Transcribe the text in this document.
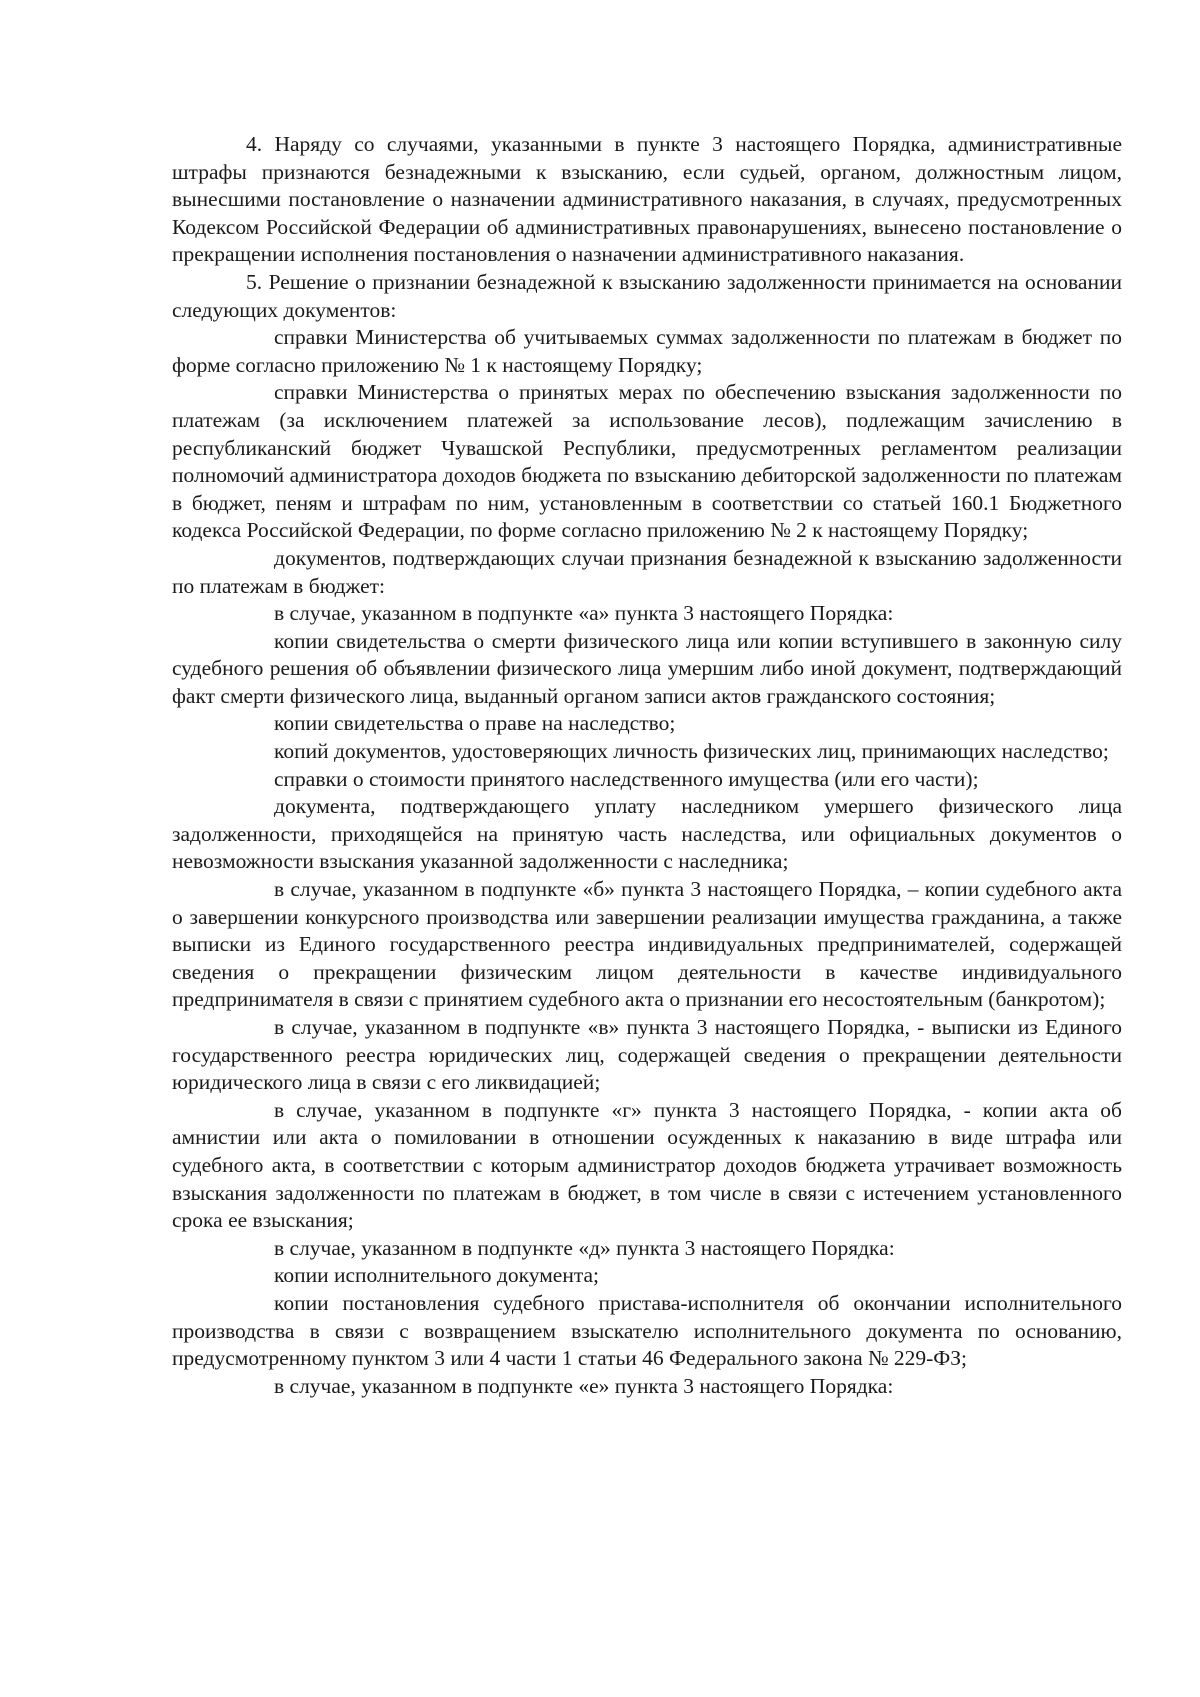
4. Наряду со случаями, указанными в пункте 3 настоящего Порядка, административные штрафы признаются безнадежными к взысканию, если судьей, органом, должностным лицом, вынесшими постановление о назначении административного наказания, в случаях, предусмотренных Кодексом Российской Федерации об административных правонарушениях, вынесено постановление о прекращении исполнения постановления о назначении административного наказания.

5. Решение о признании безнадежной к взысканию задолженности принимается на основании следующих документов:

справки Министерства об учитываемых суммах задолженности по платежам в бюджет по форме согласно приложению № 1 к настоящему Порядку;

справки Министерства о принятых мерах по обеспечению взыскания задолженности по платежам (за исключением платежей за использование лесов), подлежащим зачислению в республиканский бюджет Чувашской Республики, предусмотренных регламентом реализации полномочий администратора доходов бюджета по взысканию дебиторской задолженности по платежам в бюджет, пеням и штрафам по ним, установленным в соответствии со статьей 160.1 Бюджетного кодекса Российской Федерации, по форме согласно приложению № 2 к настоящему Порядку;

документов, подтверждающих случаи признания безнадежной к взысканию задолженности по платежам в бюджет:

в случае, указанном в подпункте «а» пункта 3 настоящего Порядка:

копии свидетельства о смерти физического лица или копии вступившего в законную силу судебного решения об объявлении физического лица умершим либо иной документ, подтверждающий факт смерти физического лица, выданный органом записи актов гражданского состояния;

копии свидетельства о праве на наследство;

копий документов, удостоверяющих личность физических лиц, принимающих наследство;

справки о стоимости принятого наследственного имущества (или его части);

документа, подтверждающего уплату наследником умершего физического лица задолженности, приходящейся на принятую часть наследства, или официальных документов о невозможности взыскания указанной задолженности с наследника;

в случае, указанном в подпункте «б» пункта 3 настоящего Порядка, – копии судебного акта о завершении конкурсного производства или завершении реализации имущества гражданина, а также выписки из Единого государственного реестра индивидуальных предпринимателей, содержащей сведения о прекращении физическим лицом деятельности в качестве индивидуального предпринимателя в связи с принятием судебного акта о признании его несостоятельным (банкротом);

в случае, указанном в подпункте «в» пункта 3 настоящего Порядка, - выписки из Единого государственного реестра юридических лиц, содержащей сведения о прекращении деятельности юридического лица в связи с его ликвидацией;

в случае, указанном в подпункте «г» пункта 3 настоящего Порядка, - копии акта об амнистии или акта о помиловании в отношении осужденных к наказанию в виде штрафа или судебного акта, в соответствии с которым администратор доходов бюджета утрачивает возможность взыскания задолженности по платежам в бюджет, в том числе в связи с истечением установленного срока ее взыскания;

в случае, указанном в подпункте «д» пункта 3 настоящего Порядка:

копии исполнительного документа;

копии постановления судебного пристава-исполнителя об окончании исполнительного производства в связи с возвращением взыскателю исполнительного документа по основанию, предусмотренному пунктом 3 или 4 части 1 статьи 46 Федерального закона № 229-ФЗ;

в случае, указанном в подпункте «е» пункта 3 настоящего Порядка:
